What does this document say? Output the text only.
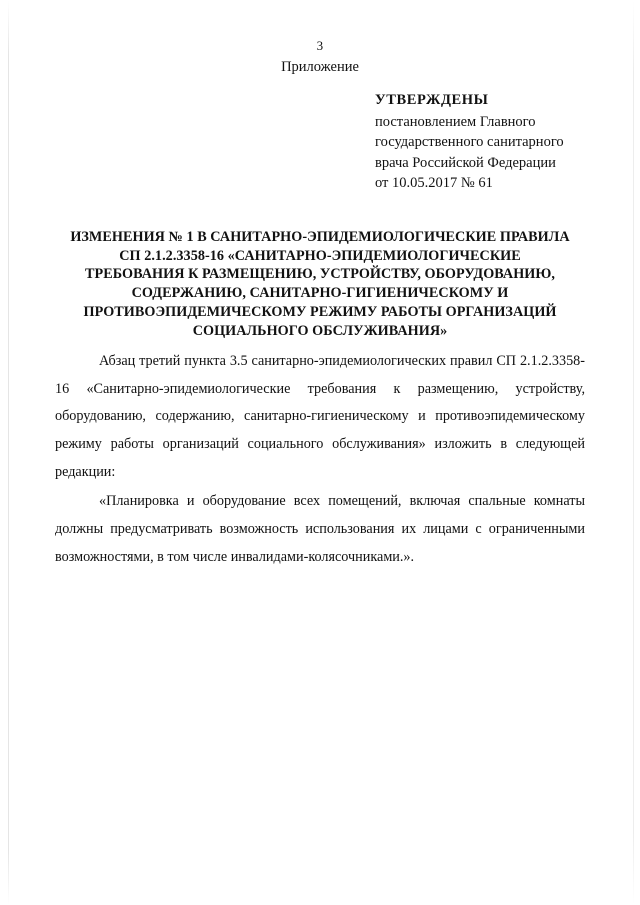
3
Приложение
УТВЕРЖДЕНЫ
постановлением Главного
государственного санитарного
врача Российской Федерации
от 10.05.2017 № 61
ИЗМЕНЕНИЯ № 1 В САНИТАРНО-ЭПИДЕМИОЛОГИЧЕСКИЕ ПРАВИЛА
СП 2.1.2.3358-16 «САНИТАРНО-ЭПИДЕМИОЛОГИЧЕСКИЕ
ТРЕБОВАНИЯ К РАЗМЕЩЕНИЮ, УСТРОЙСТВУ, ОБОРУДОВАНИЮ,
СОДЕРЖАНИЮ, САНИТАРНО-ГИГИЕНИЧЕСКОМУ И
ПРОТИВОЭПИДЕМИЧЕСКОМУ РЕЖИМУ РАБОТЫ ОРГАНИЗАЦИЙ
СОЦИАЛЬНОГО ОБСЛУЖИВАНИЯ»

Абзац третий пункта 3.5 санитарно-эпидемиологических правил СП 2.1.2.3358-16 «Санитарно-эпидемиологические требования к размещению, устройству, оборудованию, содержанию, санитарно-гигиеническому и противоэпидемическому режиму работы организаций социального обслуживания» изложить в следующей редакции:

«Планировка и оборудование всех помещений, включая спальные комнаты должны предусматривать возможность использования их лицами с ограниченными возможностями, в том числе инвалидами-колясочниками.».
